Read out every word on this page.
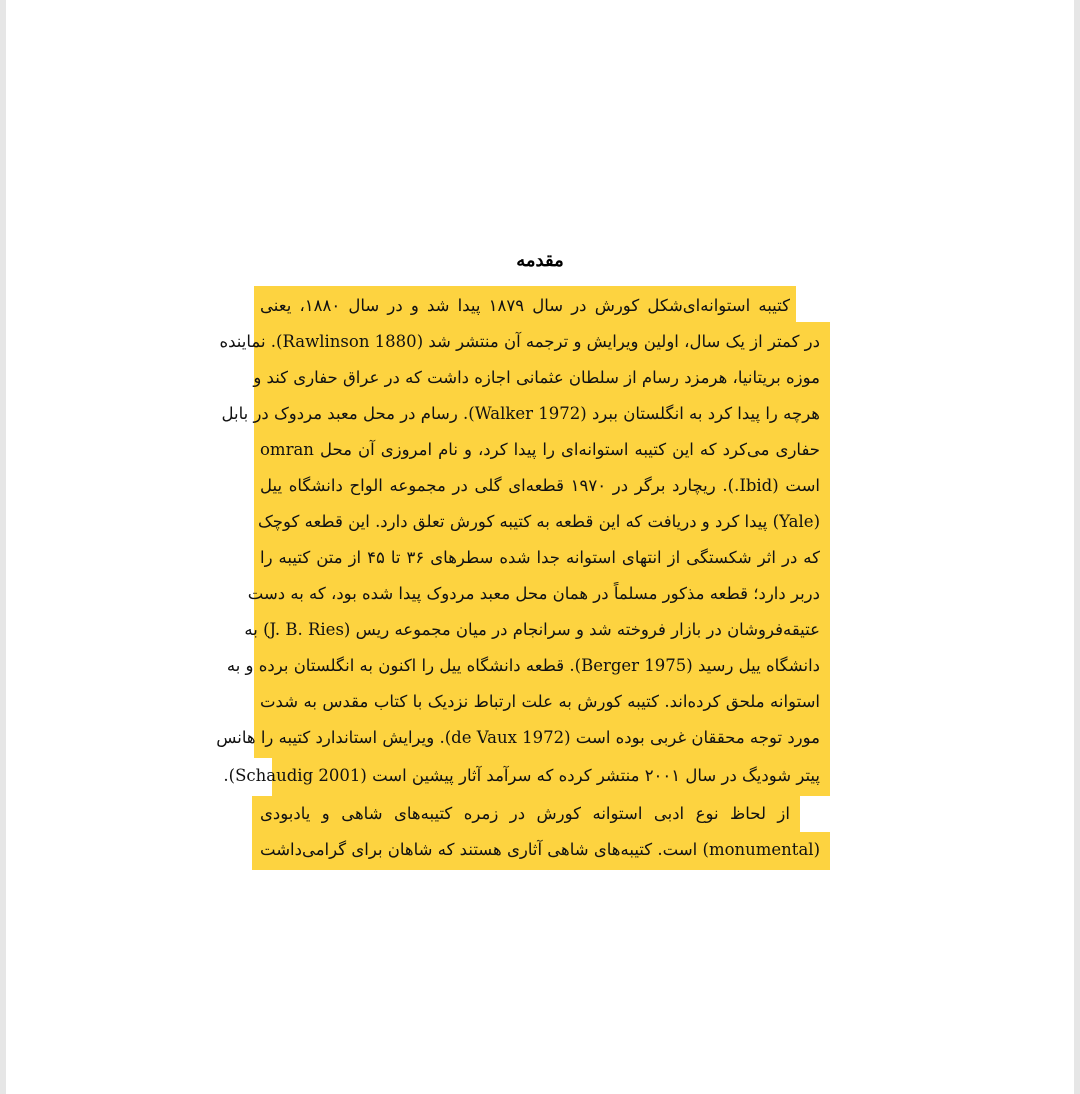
مقدمه
کتیبه استوانه‌ای‌شکل کورش در سال ۱۸۷۹ پیدا شد و در سال ۱۸۸۰، یعنی
در کمتر از یک سال، اولین ویرایش و ترجمه آن منتشر شد (Rawlinson 1880). نماینده
موزه بریتانیا، هرمزد رسام از سلطان عثمانی اجازه داشت که در عراق حفاری کند و
هرچه را پیدا کرد به انگلستان ببرد (Walker 1972). رسام در محل معبد مردوک در بابل
حفاری می‌کرد که این کتیبه استوانه‌ای را پیدا کرد، و نام امروزی آن محل omran
است (Ibid.). ریچارد برگر در ۱۹۷۰ قطعه‌ای گلی در مجموعه الواح دانشگاه ییل
(Yale) پیدا کرد و دریافت که این قطعه به کتیبه کورش تعلق دارد. این قطعه کوچک
که در اثر شکستگی از انتهای استوانه جدا شده سطرهای ۳۶ تا ۴۵ از متن کتیبه را
دربر دارد؛ قطعه مذکور مسلماً در همان محل معبد مردوک پیدا شده بود، که به دست
عتیقه‌فروشان در بازار فروخته شد و سرانجام در میان مجموعه ریس (J. B. Ries) به
دانشگاه ییل رسید (Berger 1975). قطعه دانشگاه ییل را اکنون به انگلستان برده و به
استوانه ملحق کرده‌اند. کتیبه کورش به علت ارتباط نزدیک با کتاب مقدس به شدت
مورد توجه محققان غربی بوده است (de Vaux 1972). ویرایش استاندارد کتیبه را هانس
پیتر شودیگ در سال ۲۰۰۱ منتشر کرده که سرآمد آثار پیشین است (Schaudig 2001).
از لحاظ نوع ادبی استوانه کورش در زمره کتیبه‌های شاهی و یادبودی
(monumental) است. کتیبه‌های شاهی آثاری هستند که شاهان برای گرامی‌داشت
